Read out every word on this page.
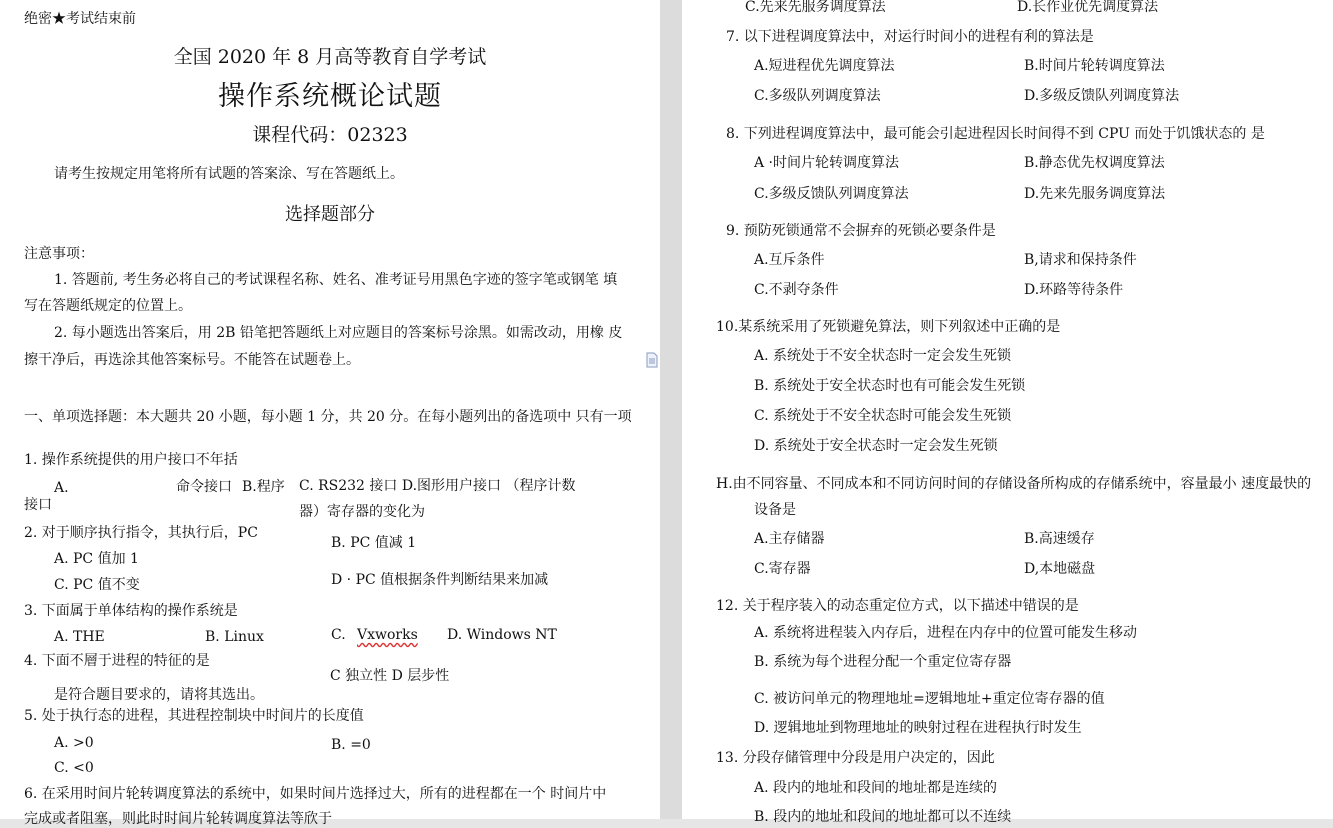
绝密★考试结束前
全国 2020 年 8 月高等教育自学考试
操作系统概论试题
课程代码：02323
请考生按规定用笔将所有试题的答案涂、写在答题纸上。
选择题部分
注意事项：
1. 答题前, 考生务必将自己的考试课程名称、姓名、准考证号用黑色字迹的签字笔或钢笔 填
写在答题纸规定的位置上。
2. 每小题选出答案后，用 2B 铅笔把答题纸上对应题目的答案标号涂黑。如需改动，用橡 皮
擦干净后，再选涂其他答案标号。不能答在试题卷上。
一、单项选择题：本大题共 20 小题，每小题 1 分，共 20 分。在每小题列出的备选项中 只有一项
1. 操作系统提供的用户接口不年括
A.	命令接口 B.程序 C. RS232 接口 D.图形用户接口 （程序计数
接口	器）寄存器的变化为
2. 对于顺序执行指令，其执行后，PC
B. PC 值减 1
A. PC 值加 1
D · PC 值根据条件判断结果来加减
C. PC 值不变
3. 下面属于单体结构的操作系统是
A. THE	B. Linux	C. Vxworks D. Windows NT
4. 下面不層于进程的特征的是
C 独立性 D 层步性
是符合题目要求的，请将其选出。
5. 处于执行态的进程，其进程控制块中时间片的长度值
A. >0	B. =0
C. <0
6. 在采用时间片轮转调度算法的系统中，如果时间片选择过大，所有的进程都在一个 时间片中
完成或者阻塞，则此时时间片轮转调度算法等欣于
C.先来先服务调度算法	D.长作业优先调度算法
7. 以下进程调度算法中，对运行时间小的进程有利的算法是
A.短进程优先调度算法	B.时间片轮转调度算法
C.多级队列调度算法	D.多级反馈队列调度算法
8. 下列进程调度算法中，最可能会引起进程因长时间得不到 CPU 而处于饥饿状态的 是
A ·时间片轮转调度算法	B.静态优先权调度算法
C.多级反馈队列调度算法	D.先来先服务调度算法
9. 预防死锁通常不会摒弃的死锁必要条件是
A.互斥条件	B,请求和保持条件
C.不剥夺条件	D.环路等待条件
10.某系统采用了死锁避免算法，则下列叙述中正确的是
A. 系统处于不安全状态时一定会发生死锁
B. 系统处于安全状态时也有可能会发生死锁
C. 系统处于不安全状态时可能会发生死锁
D. 系统处于安全状态时一定会发生死锁
H.由不同容量、不同成本和不同访问时间的存储设备所构成的存储系统中，容量最小 速度最快的
设备是
A.主存储器	B.高速缓存
C.寄存器	D,本地磁盘
12. 关于程序装入的动态重定位方式，以下描述中错误的是
A. 系统将进程装入内存后，进程在内存中的位置可能发生移动
B. 系统为每个进程分配一个重定位寄存器
C. 被访问单元的物理地址=逻辑地址+重定位寄存器的值
D. 逻辑地址到物理地址的映射过程在进程执行时发生
13. 分段存储管理中分段是用户决定的，因此
A. 段内的地址和段间的地址都是连续的
B. 段内的地址和段间的地址都可以不连续
